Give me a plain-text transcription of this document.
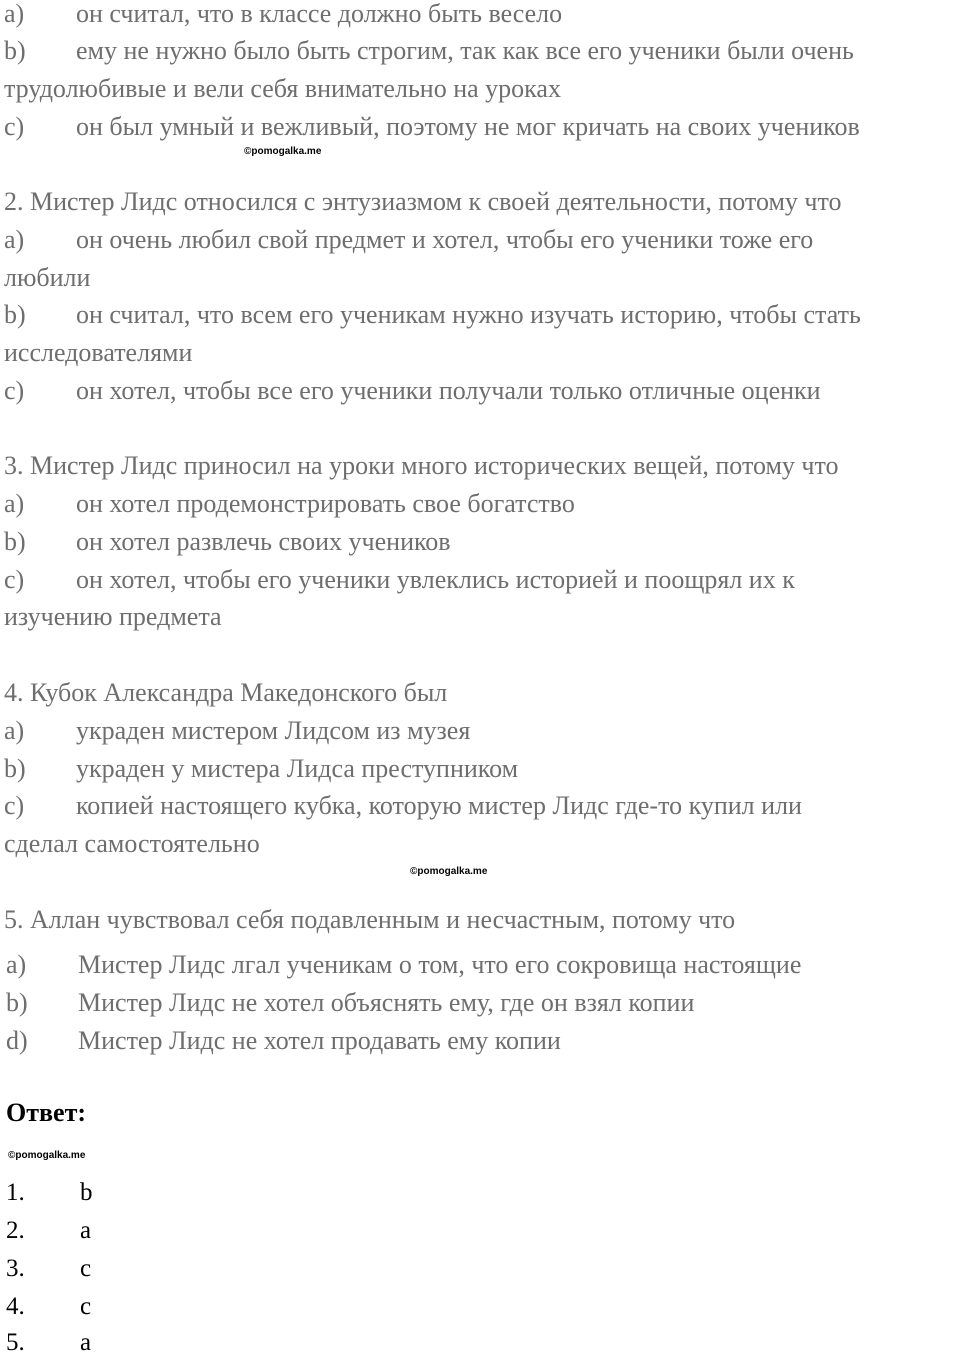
a) он считал, что в классе должно быть весело
b) ему не нужно было быть строгим, так как все его ученики были очень
трудолюбивые и вели себя внимательно на уроках
c) он был умный и вежливый, поэтому не мог кричать на своих учеников
©pomogalka.me
2. Мистер Лидс относился с энтузиазмом к своей деятельности, потому что
a) он очень любил свой предмет и хотел, чтобы его ученики тоже его
любили
b) он считал, что всем его ученикам нужно изучать историю, чтобы стать
исследователями
c) он хотел, чтобы все его ученики получали только отличные оценки
3. Мистер Лидс приносил на уроки много исторических вещей, потому что
a) он хотел продемонстрировать свое богатство
b) он хотел развлечь своих учеников
c) он хотел, чтобы его ученики увлеклись историей и поощрял их к
изучению предмета
4. Кубок Александра Македонского был
a) украден мистером Лидсом из музея
b) украден у мистера Лидса преступником
c) копией настоящего кубка, которую мистер Лидс где-то купил или
сделал самостоятельно
©pomogalka.me
5. Аллан чувствовал себя подавленным и несчастным, потому что
a) Мистер Лидс лгал ученикам о том, что его сокровища настоящие
b) Мистер Лидс не хотел объяснять ему, где он взял копии
d) Мистер Лидс не хотел продавать ему копии
Ответ:
©pomogalka.me
1. b
2. a
3. c
4. c
5. a
